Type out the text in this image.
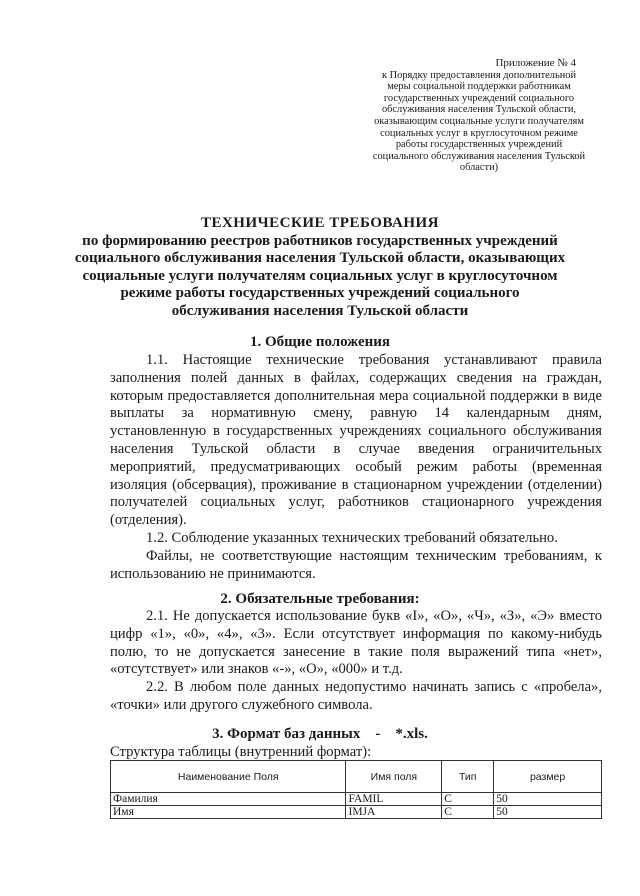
Приложение № 4
к Порядку предоставления дополнительной
меры социальной поддержки работникам
государственных учреждений социального
обслуживания населения Тульской области,
оказывающим социальные услуги получателям
социальных услуг в круглосуточном режиме
работы государственных учреждений
социального обслуживания населения Тульской
области)
ТЕХНИЧЕСКИЕ ТРЕБОВАНИЯ
по формированию реестров работников государственных учреждений
социального обслуживания населения Тульской области, оказывающих
социальные услуги получателям социальных услуг в круглосуточном
режиме работы государственных учреждений социального
обслуживания населения Тульской области
1. Общие положения

1.1. Настоящие технические требования устанавливают правила заполнения полей данных в файлах, содержащих сведения на граждан, которым предоставляется дополнительная мера социальной поддержки в виде выплаты за нормативную смену, равную 14 календарным дням, установленную в государственных учреждениях социального обслуживания населения Тульской области в случае введения ограничительных мероприятий, предусматривающих особый режим работы (временная изоляция (обсервация), проживание в стационарном учреждении (отделении) получателей социальных услуг, работников стационарного учреждения (отделения).

1.2. Соблюдение указанных технических требований обязательно.

Файлы, не соответствующие настоящим техническим требованиям, к использованию не принимаются.

2. Обязательные требования:

2.1. Не допускается использование букв «I», «О», «Ч», «З», «Э» вместо цифр «1», «0», «4», «3». Если отсутствует информация по какому-нибудь полю, то не допускается занесение в такие поля выражений типа «нет», «отсутствует» или знаков «-», «О», «000» и т.д.

2.2. В любом поле данных недопустимо начинать запись с «пробела», «точки» или другого служебного символа.

3. Формат баз данных    -    *.xls.
Структура таблицы (внутренний формат):
Наименование Поля	Имя поля	Тип	размер
Фамилия	FAMIL	C	50
Имя	IMJA	C	50
